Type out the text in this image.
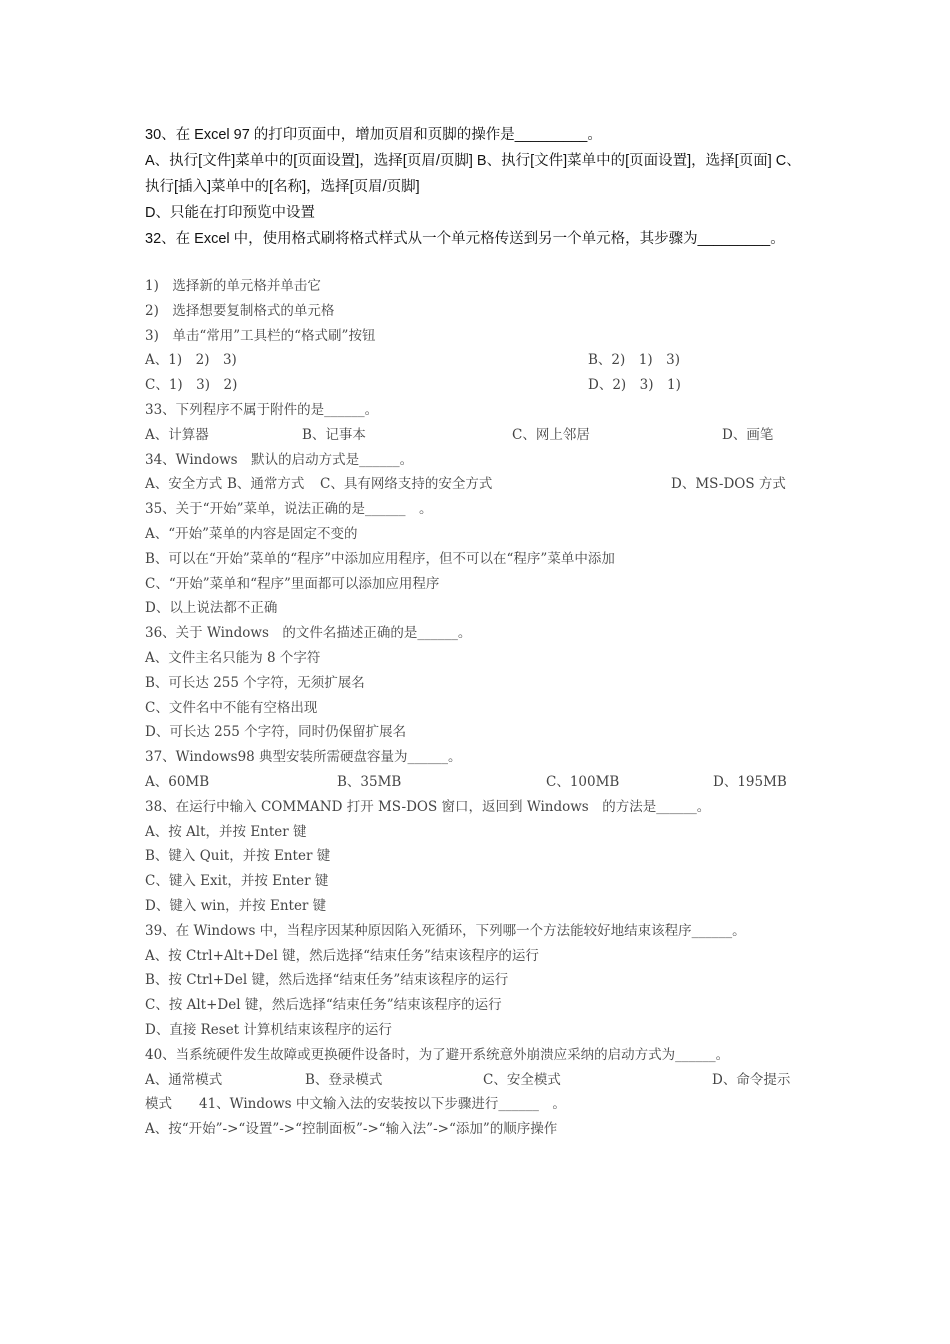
30、在 Excel 97 的打印页面中，增加页眉和页脚的操作是_________。
A、执行[文件]菜单中的[页面设置]，选择[页眉/页脚] B、执行[文件]菜单中的[页面设置]，选择[页面] C、执行[插入]菜单中的[名称]，选择[页眉/页脚]
D、只能在打印预览中设置
32、在 Excel 中，使用格式刷将格式样式从一个单元格传送到另一个单元格，其步骤为_________。
1)　选择新的单元格并单击它
2)　选择想要复制格式的单元格
3)　单击“常用”工具栏的“格式刷”按钮
A、1)　2)　3)	B、2)　1)　3)
C、1)　3)　2)	D、2)　3)　1)
33、下列程序不属于附件的是______。
A、计算器	B、记事本	C、网上邻居	D、画笔
34、Windows　默认的启动方式是______。
A、安全方式 B、通常方式	C、具有网络支持的安全方式	D、MS-DOS 方式
35、关于“开始”菜单，说法正确的是______　。
A、“开始”菜单的内容是固定不变的
B、可以在“开始”菜单的“程序”中添加应用程序，但不可以在“程序”菜单中添加
C、“开始”菜单和“程序”里面都可以添加应用程序
D、以上说法都不正确
36、关于 Windows　的文件名描述正确的是______。
A、文件主名只能为 8 个字符
B、可长达 255 个字符，无须扩展名
C、文件名中不能有空格出现
D、可长达 255 个字符，同时仍保留扩展名
37、Windows98 典型安装所需硬盘容量为______。
A、60MB	B、35MB	C、100MB	D、195MB
38、在运行中输入 COMMAND 打开 MS-DOS 窗口，返回到 Windows　的方法是______。
A、按 Alt，并按 Enter 键
B、键入 Quit，并按 Enter 键
C、键入 Exit，并按 Enter 键
D、键入 win，并按 Enter 键
39、在 Windows 中，当程序因某种原因陷入死循环，下列哪一个方法能较好地结束该程序______。
A、按 Ctrl+Alt+Del 键，然后选择“结束任务”结束该程序的运行
B、按 Ctrl+Del 键，然后选择“结束任务”结束该程序的运行
C、按 Alt+Del 键，然后选择“结束任务”结束该程序的运行
D、直接 Reset 计算机结束该程序的运行
40、当系统硬件发生故障或更换硬件设备时，为了避开系统意外崩溃应采纳的启动方式为______。
A、通常模式	B、登录模式	C、安全模式	D、命令提示
模式　　41、Windows 中文输入法的安装按以下步骤进行______　。
A、按“开始”->“设置”->“控制面板”->“输入法”->“添加”的顺序操作
